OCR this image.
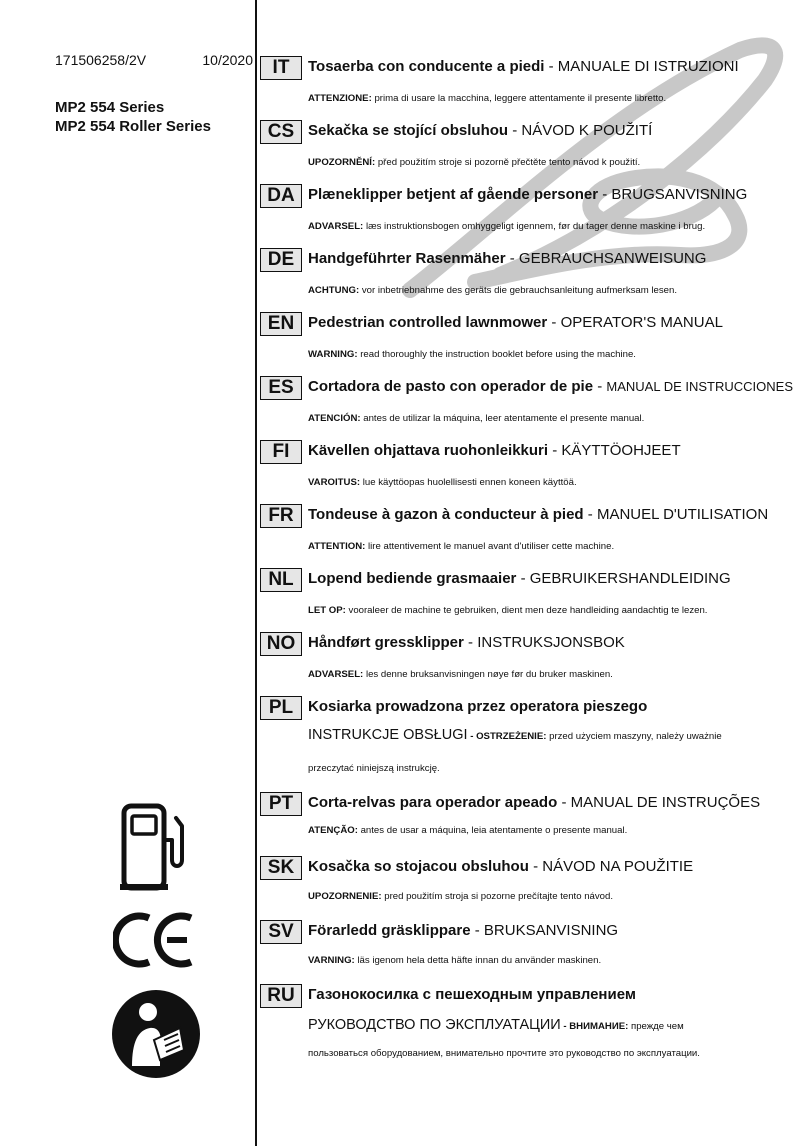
171506258/2V	10/2020
MP2 554 Series
MP2 554 Roller Series
IT	Tosaerba con conducente a piedi - MANUALE DI ISTRUZIONI
ATTENZIONE: prima di usare la macchina, leggere attentamente il presente libretto.
CS Sekačka se stojící obsluhou - NÁVOD K POUŽITÍ
UPOZORNĚNÍ: před použitím stroje si pozorně přečtěte tento návod k použití.
DA Plæneklipper betjent af gående personer - BRUGSANVISNING
ADVARSEL: læs instruktionsbogen omhyggeligt igennem, før du tager denne maskine i brug.
DE Handgeführter Rasenmäher - GEBRAUCHSANWEISUNG
ACHTUNG: vor inbetriebnahme des geräts die gebrauchsanleitung aufmerksam lesen.
EN Pedestrian controlled lawnmower - OPERATOR'S MANUAL
WARNING: read thoroughly the instruction booklet before using the machine.
ES Cortadora de pasto con operador de pie - MANUAL DE INSTRUCCIONES
ATENCIÓN: antes de utilizar la máquina, leer atentamente el presente manual.
FI	Kävellen ohjattava ruohonleikkuri - KÄYTTÖOHJEET
VAROITUS: lue käyttöopas huolellisesti ennen koneen käyttöä.
FR Tondeuse à gazon à conducteur à pied - MANUEL D'UTILISATION
ATTENTION: lire attentivement le manuel avant d'utiliser cette machine.
NL Lopend bediende grasmaaier - GEBRUIKERSHANDLEIDING
LET OP: vooraleer de machine te gebruiken, dient men deze handleiding aandachtig te lezen.
NO Håndført gressklipper - INSTRUKSJONSBOK
ADVARSEL: les denne bruksanvisningen nøye før du bruker maskinen.
PL Kosiarka prowadzona przez operatora pieszego
INSTRUKCJE OBSŁUGI - OSTRZEŻENIE: przed użyciem maszyny, należy uważnie
przeczytać niniejszą instrukcję.
PT Corta-relvas para operador apeado - MANUAL DE INSTRUÇÕES
ATENÇÃO: antes de usar a máquina, leia atentamente o presente manual.
SK Kosačka so stojacou obsluhou - NÁVOD NA POUŽITIE
UPOZORNENIE: pred použitím stroja si pozorne prečítajte tento návod.
SV Förarledd gräsklippare - BRUKSANVISNING
VARNING: läs igenom hela detta häfte innan du använder maskinen.
RU Газонокосилка с пешеходным управлением
РУКОВОДСТВО ПО ЭКСПЛУАТАЦИИ - ВНИМАНИЕ: прежде чем
пользоваться оборудованием, внимательно прочтите это руководство по эксплуатации.
